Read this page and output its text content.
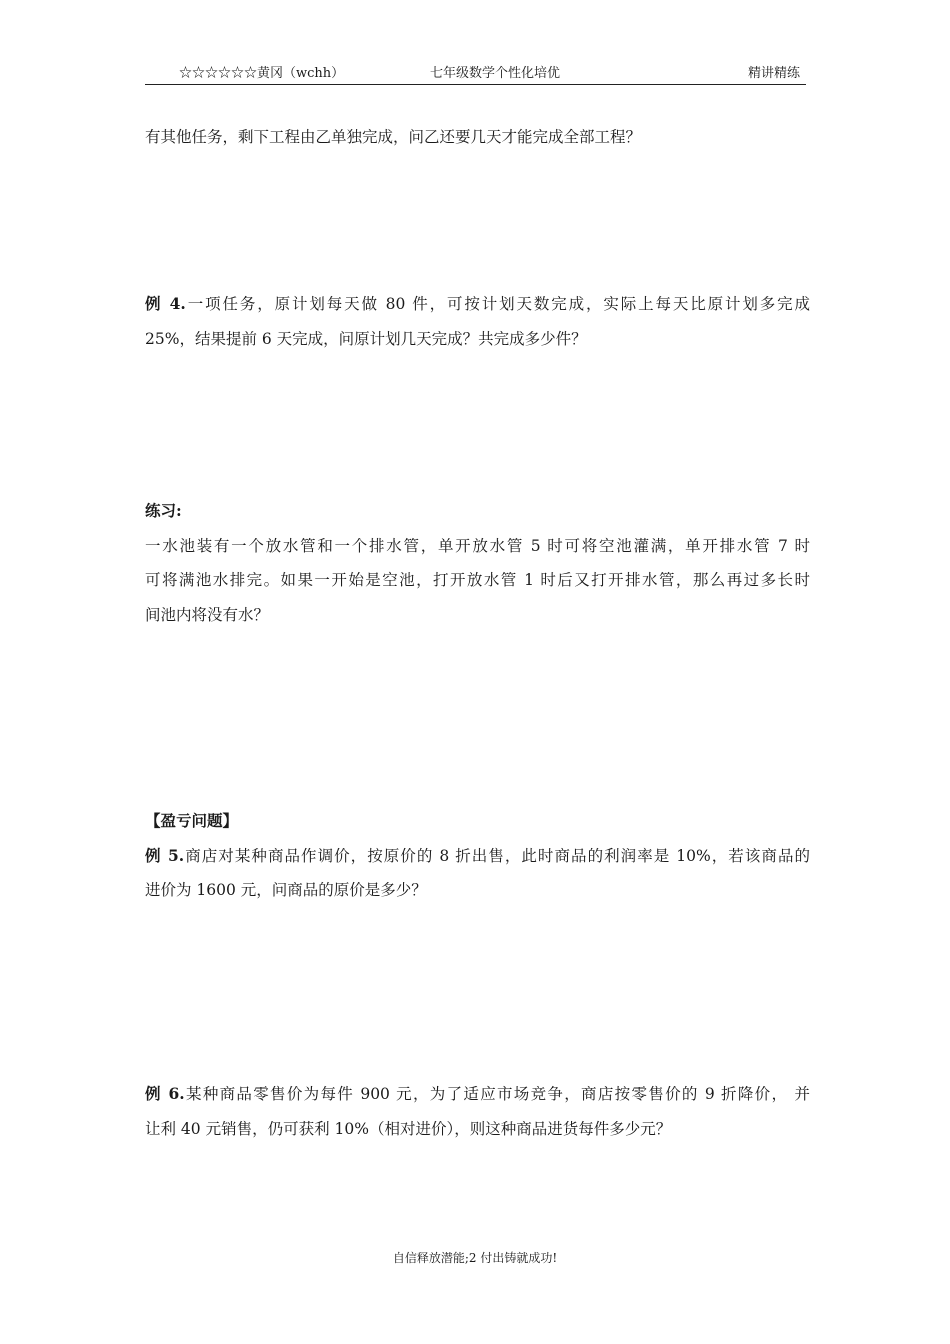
☆☆☆☆☆☆黄冈（wchh）	七年级数学个性化培优	精讲精练
有其他任务，剩下工程由乙单独完成，问乙还要几天才能完成全部工程？
例 4.一项任务，原计划每天做 80 件，可按计划天数完成，实际上每天比原计划多完成
25%，结果提前 6 天完成，问原计划几天完成？共完成多少件？
练习:
一水池装有一个放水管和一个排水管，单开放水管 5 时可将空池灌满，单开排水管 7 时
可将满池水排完。如果一开始是空池，打开放水管 1 时后又打开排水管，那么再过多长时
间池内将没有水？
【盈亏问题】
例 5.商店对某种商品作调价，按原价的 8 折出售，此时商品的利润率是 10%，若该商品的
进价为 1600 元，问商品的原价是多少？
例 6.某种商品零售价为每件 900 元，为了适应市场竞争，商店按零售价的 9 折降价， 并
让利 40 元销售，仍可获利 10%（相对进价），则这种商品进货每件多少元？
自信释放潜能;2 付出铸就成功!
